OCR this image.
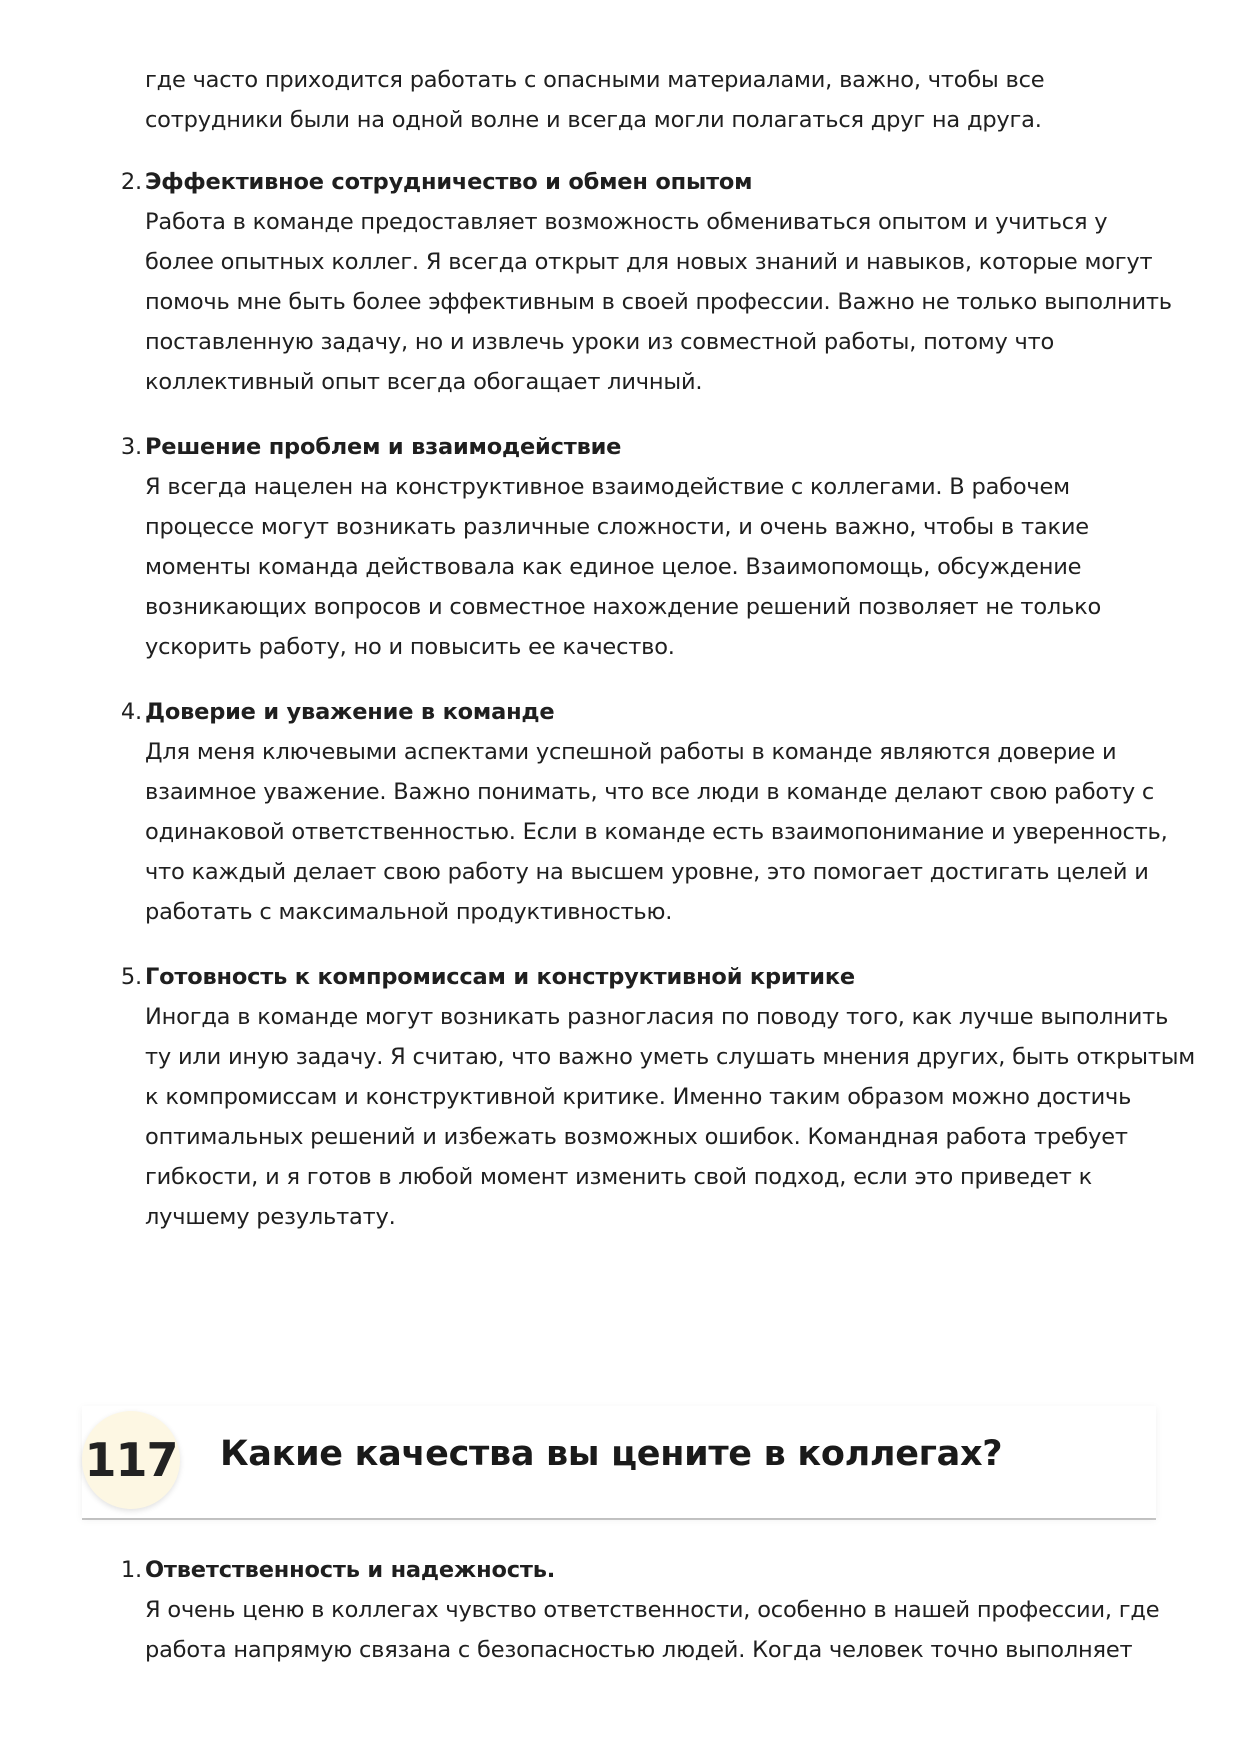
где часто приходится работать с опасными материалами, важно, чтобы все
сотрудники были на одной волне и всегда могли полагаться друг на друга.
2. Эффективное сотрудничество и обмен опытом
Работа в команде предоставляет возможность обмениваться опытом и учиться у
более опытных коллег. Я всегда открыт для новых знаний и навыков, которые могут
помочь мне быть более эффективным в своей профессии. Важно не только выполнить
поставленную задачу, но и извлечь уроки из совместной работы, потому что
коллективный опыт всегда обогащает личный.
3. Решение проблем и взаимодействие
Я всегда нацелен на конструктивное взаимодействие с коллегами. В рабочем
процессе могут возникать различные сложности, и очень важно, чтобы в такие
моменты команда действовала как единое целое. Взаимопомощь, обсуждение
возникающих вопросов и совместное нахождение решений позволяет не только
ускорить работу, но и повысить ее качество.
4. Доверие и уважение в команде
Для меня ключевыми аспектами успешной работы в команде являются доверие и
взаимное уважение. Важно понимать, что все люди в команде делают свою работу с
одинаковой ответственностью. Если в команде есть взаимопонимание и уверенность,
что каждый делает свою работу на высшем уровне, это помогает достигать целей и
работать с максимальной продуктивностью.
5. Готовность к компромиссам и конструктивной критике
Иногда в команде могут возникать разногласия по поводу того, как лучше выполнить
ту или иную задачу. Я считаю, что важно уметь слушать мнения других, быть открытым
к компромиссам и конструктивной критике. Именно таким образом можно достичь
оптимальных решений и избежать возможных ошибок. Командная работа требует
гибкости, и я готов в любой момент изменить свой подход, если это приведет к
лучшему результату.
117 Какие качества вы цените в коллегах?
1. Ответственность и надежность.
Я очень ценю в коллегах чувство ответственности, особенно в нашей профессии, где
работа напрямую связана с безопасностью людей. Когда человек точно выполняет
